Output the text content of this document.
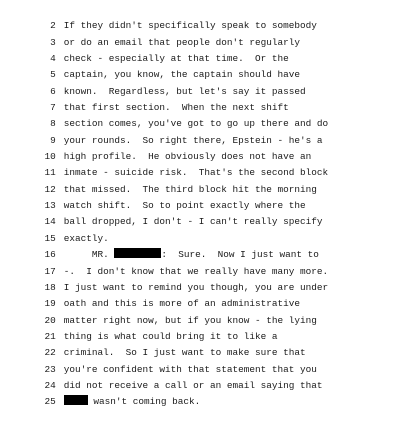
2 If they didn't specifically speak to somebody

3 or do an email that people don't regularly

4 check - especially at that time.  Or the

5 captain, you know, the captain should have

6 known.  Regardless, but let's say it passed

7 that first section.  When the next shift

8 section comes, you've got to go up there and do

9 your rounds.  So right there, Epstein - he's a

10 high profile.  He obviously does not have an

11 inmate - suicide risk.  That's the second block

12 that missed.  The third block hit the morning

13 watch shift.  So to point exactly where the

14 ball dropped, I don't - I can't really specify

15 exactly.

16     MR.	:  Sure.  Now I just want to

17 -.  I don't know that we really have many more.

18 I just want to remind you though, you are under

19 oath and this is more of an administrative

20 matter right now, but if you know - the lying

21 thing is what could bring it to like a

22 criminal.  So I just want to make sure that

23 you're confident with that statement that you

24 did not receive a call or an email saying that

25	wasn't coming back.
